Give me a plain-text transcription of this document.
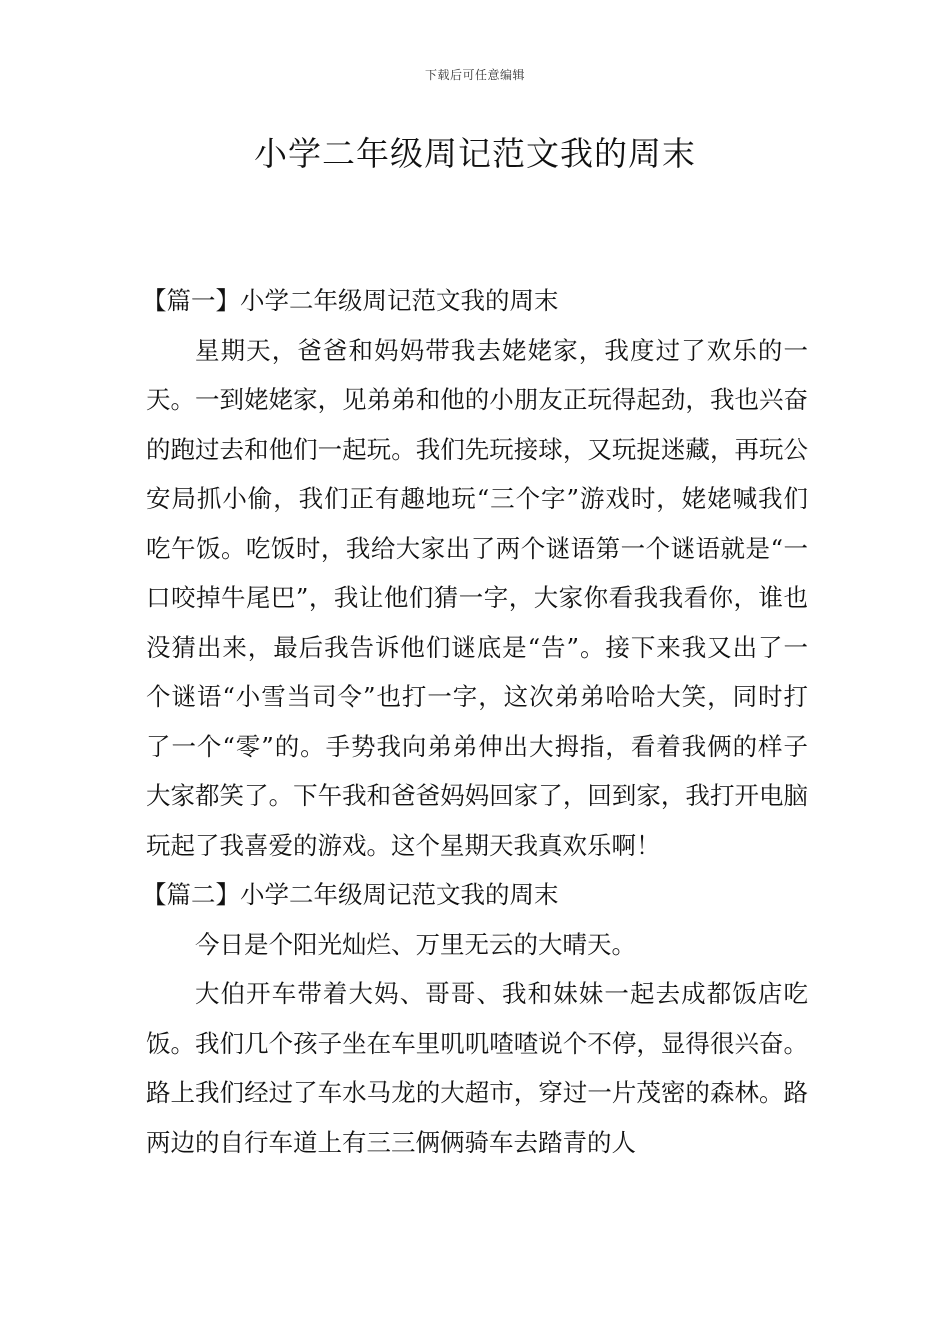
下载后可任意编辑
小学二年级周记范文我的周末

【篇一】小学二年级周记范文我的周末

星期天，爸爸和妈妈带我去姥姥家，我度过了欢乐的一天。一到姥姥家，见弟弟和他的小朋友正玩得起劲，我也兴奋的跑过去和他们一起玩。我们先玩接球，又玩捉迷藏，再玩公安局抓小偷，我们正有趣地玩“三个字”游戏时，姥姥喊我们吃午饭。吃饭时，我给大家出了两个谜语第一个谜语就是“一口咬掉牛尾巴”，我让他们猜一字，大家你看我我看你，谁也没猜出来，最后我告诉他们谜底是“告”。接下来我又出了一个谜语“小雪当司令”也打一字，这次弟弟哈哈大笑，同时打了一个“零”的。手势我向弟弟伸出大拇指，看着我俩的样子大家都笑了。下午我和爸爸妈妈回家了，回到家，我打开电脑玩起了我喜爱的游戏。这个星期天我真欢乐啊！

【篇二】小学二年级周记范文我的周末

今日是个阳光灿烂、万里无云的大晴天。

大伯开车带着大妈、哥哥、我和妹妹一起去成都饭店吃饭。我们几个孩子坐在车里叽叽喳喳说个不停，显得很兴奋。路上我们经过了车水马龙的大超市，穿过一片茂密的森林。路两边的自行车道上有三三俩俩骑车去踏青的人
